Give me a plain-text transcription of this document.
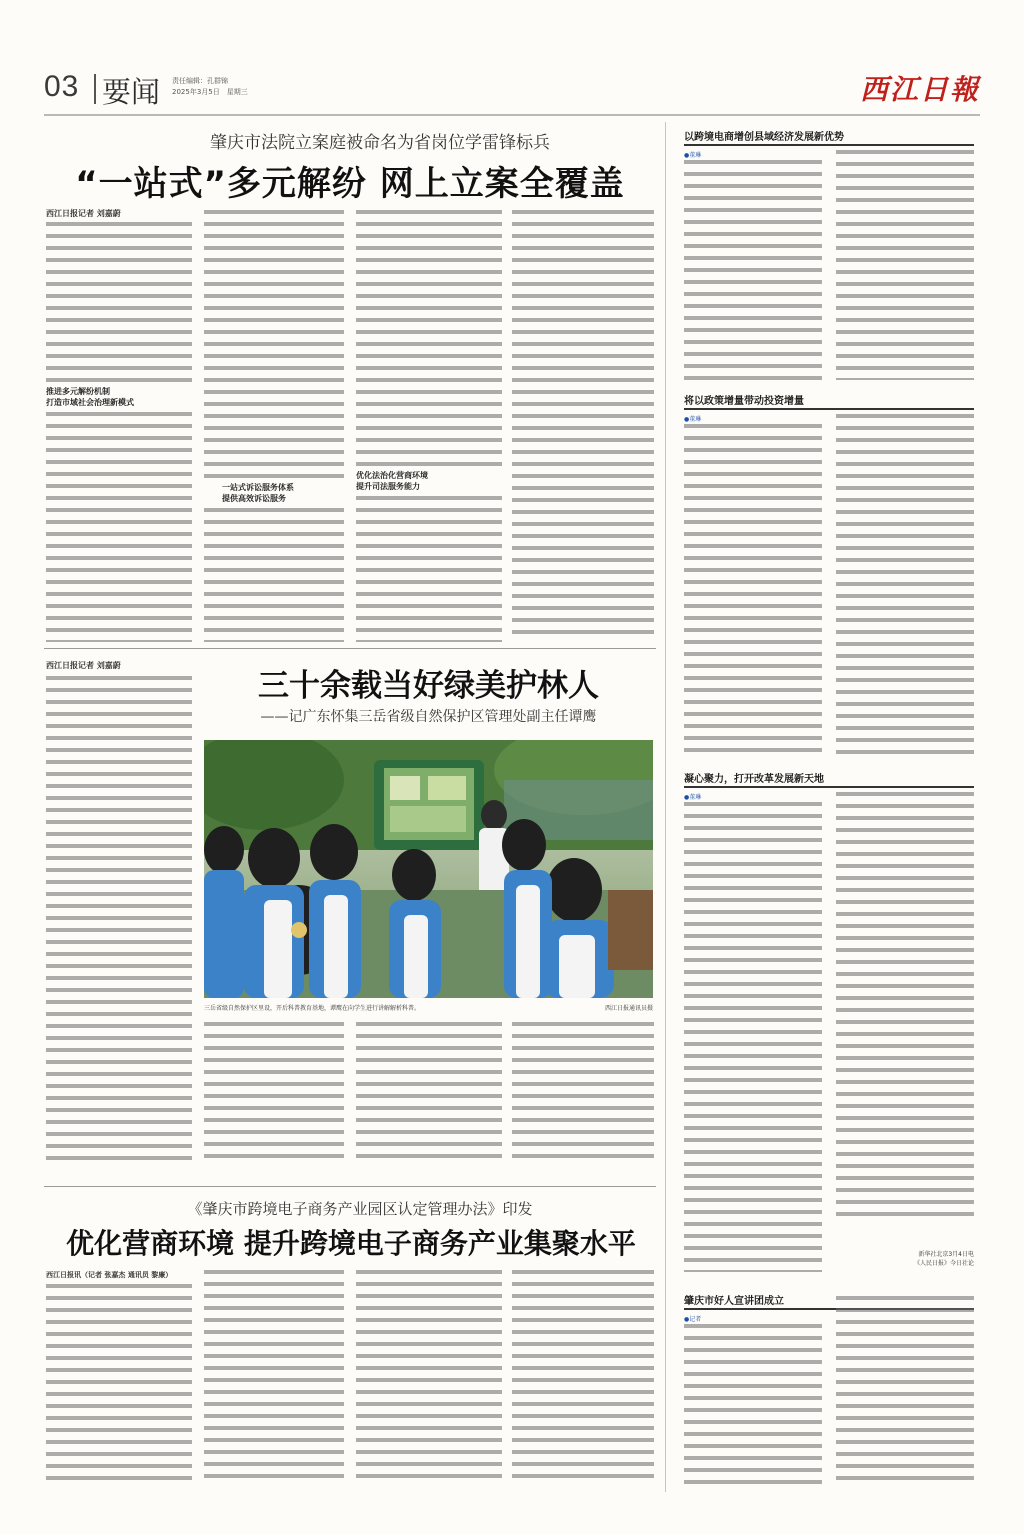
03 要闻 责任编辑：孔群锦
2025年3月5日　星期三	西江日報
肇庆市法院立案庭被命名为省岗位学雷锋标兵
“一站式”多元解纷 网上立案全覆盖
西江日报记者 刘嘉蔚
推进多元解纷机制
打造市域社会治理新模式
一站式诉讼服务体系
提供高效诉讼服务
优化法治化营商环境
提升司法服务能力
西江日报记者 刘嘉蔚
三十余载当好绿美护林人
——记广东怀集三岳省级自然保护区管理处副主任谭鹰
三岳省级自然保护区里设，开后科普教育基地，谭鹰在向学生进行讲解解析科普。	西江日报通讯员摄
《肇庆市跨境电子商务产业园区认定管理办法》印发
优化营商环境 提升跨境电子商务产业集聚水平
西江日报讯（记者 张嘉杰 通讯员 黎廉）
以跨境电商增创县域经济发展新优势
●董琳
将以政策增量带动投资增量
●董琳
凝心聚力，打开改革发展新天地
●董琳
新华社北京3月4日电
《人民日报》今日社论
肇庆市好人宣讲团成立
●记者
